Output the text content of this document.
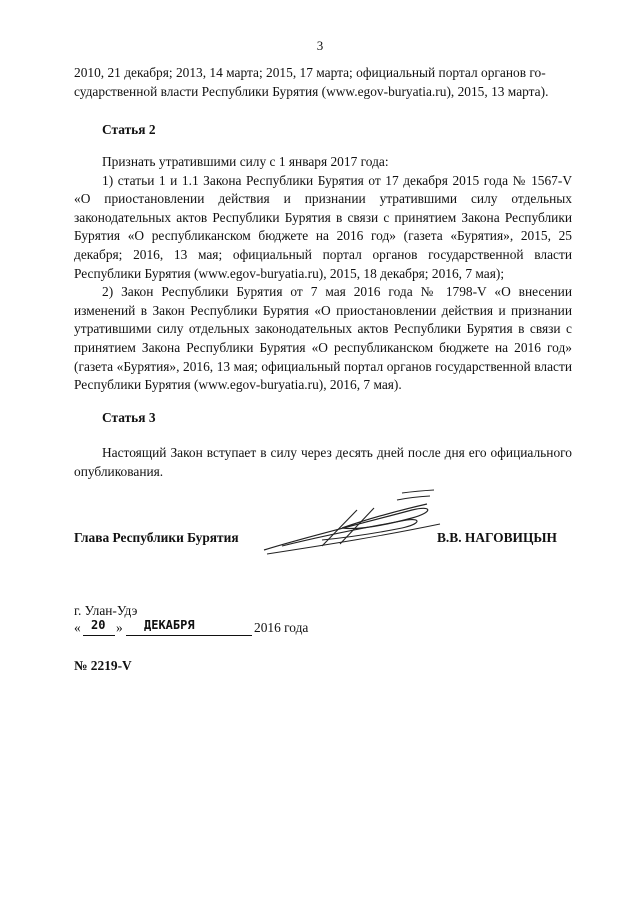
3

2010, 21 декабря; 2013, 14 марта; 2015, 17 марта; официальный портал органов го-

сударственной власти Республики Бурятия (www.egov-buryatia.ru), 2015, 13 марта).

Статья 2

Признать утратившими силу с 1 января 2017 года:

1) статьи 1 и 1.1 Закона Республики Бурятия от 17 декабря 2015 года № 1567-V «О приостановлении действия и признании утратившими силу отдельных законодательных актов Республики Бурятия в связи с принятием Закона Республики Бурятия «О республиканском бюджете на 2016 год» (газета «Бурятия», 2015, 25 декабря; 2016, 13 мая; официальный портал органов государственной власти Республики Бурятия (www.egov-buryatia.ru), 2015, 18 декабря; 2016, 7 мая);

2) Закон Республики Бурятия от 7 мая 2016 года № 1798-V «О внесении изменений в Закон Республики Бурятия «О приостановлении действия и признании утратившими силу отдельных законодательных актов Республики Бурятия в связи с принятием Закона Республики Бурятия «О республиканском бюджете на 2016 год» (газета «Бурятия», 2016, 13 мая; официальный портал органов государственной власти Республики Бурятия (www.egov-buryatia.ru), 2016, 7 мая).

Статья 3

Настоящий Закон вступает в силу через десять дней после дня его официального опубликования.

Глава Республики Бурятия	В.В. НАГОВИЦЫН
г. Улан-Удэ
« 20 » ДЕКАБРЯ	2016 года
№ 2219-V
